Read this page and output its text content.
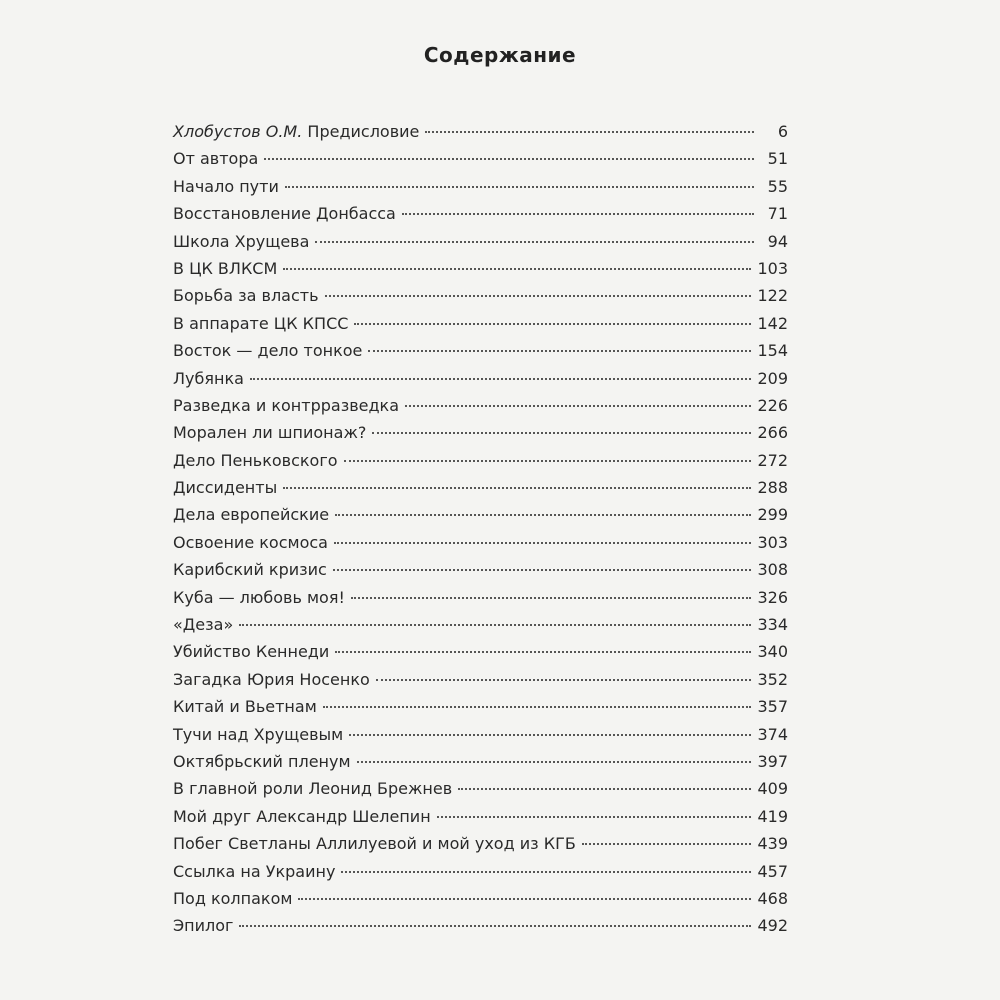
Содержание
Хлобустов О.М. Предисловие	6
От автора	51
Начало пути	55
Восстановление Донбасса	71
Школа Хрущева	94
В ЦК ВЛКСМ	103
Борьба за власть	122
В аппарате ЦК КПСС	142
Восток — дело тонкое	154
Лубянка	209
Разведка и контрразведка	226
Морален ли шпионаж?	266
Дело Пеньковского	272
Диссиденты	288
Дела европейские	299
Освоение космоса	303
Карибский кризис	308
Куба — любовь моя!	326
«Деза»	334
Убийство Кеннеди	340
Загадка Юрия Носенко	352
Китай и Вьетнам	357
Тучи над Хрущевым	374
Октябрьский пленум	397
В главной роли Леонид Брежнев	409
Мой друг Александр Шелепин	419
Побег Светланы Аллилуевой и мой уход из КГБ	439
Ссылка на Украину	457
Под колпаком	468
Эпилог	492
